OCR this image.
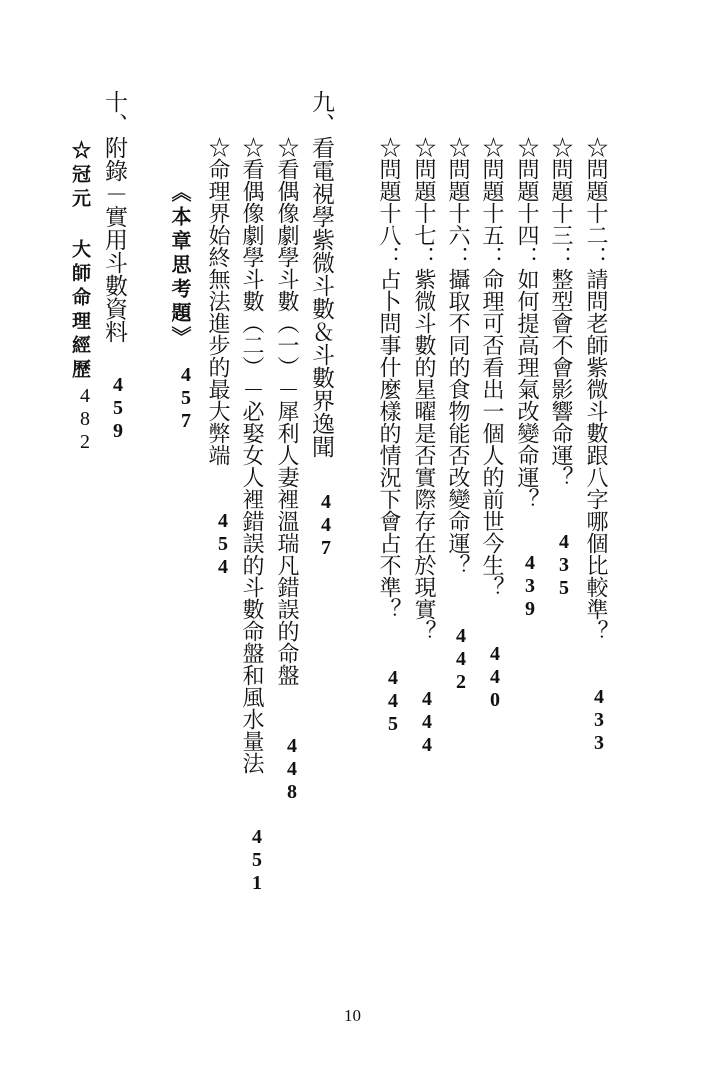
☆問題十二：請問老師紫微斗數跟八字哪個比較準？

433

☆問題十三：整型會不會影響命運？

435

☆問題十四：如何提高理氣改變命運？

439

☆問題十五：命理可否看出一個人的前世今生？

440

☆問題十六：攝取不同的食物能否改變命運？

442

☆問題十七：紫微斗數的星曜是否實際存在於現實？

444

☆問題十八：占卜問事什麼樣的情況下會占不準？

445

九、看電視學紫微斗數＆斗數界逸聞

447

☆看偶像劇學斗數（一）－犀利人妻裡溫瑞凡錯誤的命盤

448

☆看偶像劇學斗數（二）－必娶女人裡錯誤的斗數命盤和風水量法

451

☆命理界始終無法進步的最大弊端

454

《本章思考題》

457

十、附錄－實用斗數資料

459

☆冠元 大師命理經歷

482

10
